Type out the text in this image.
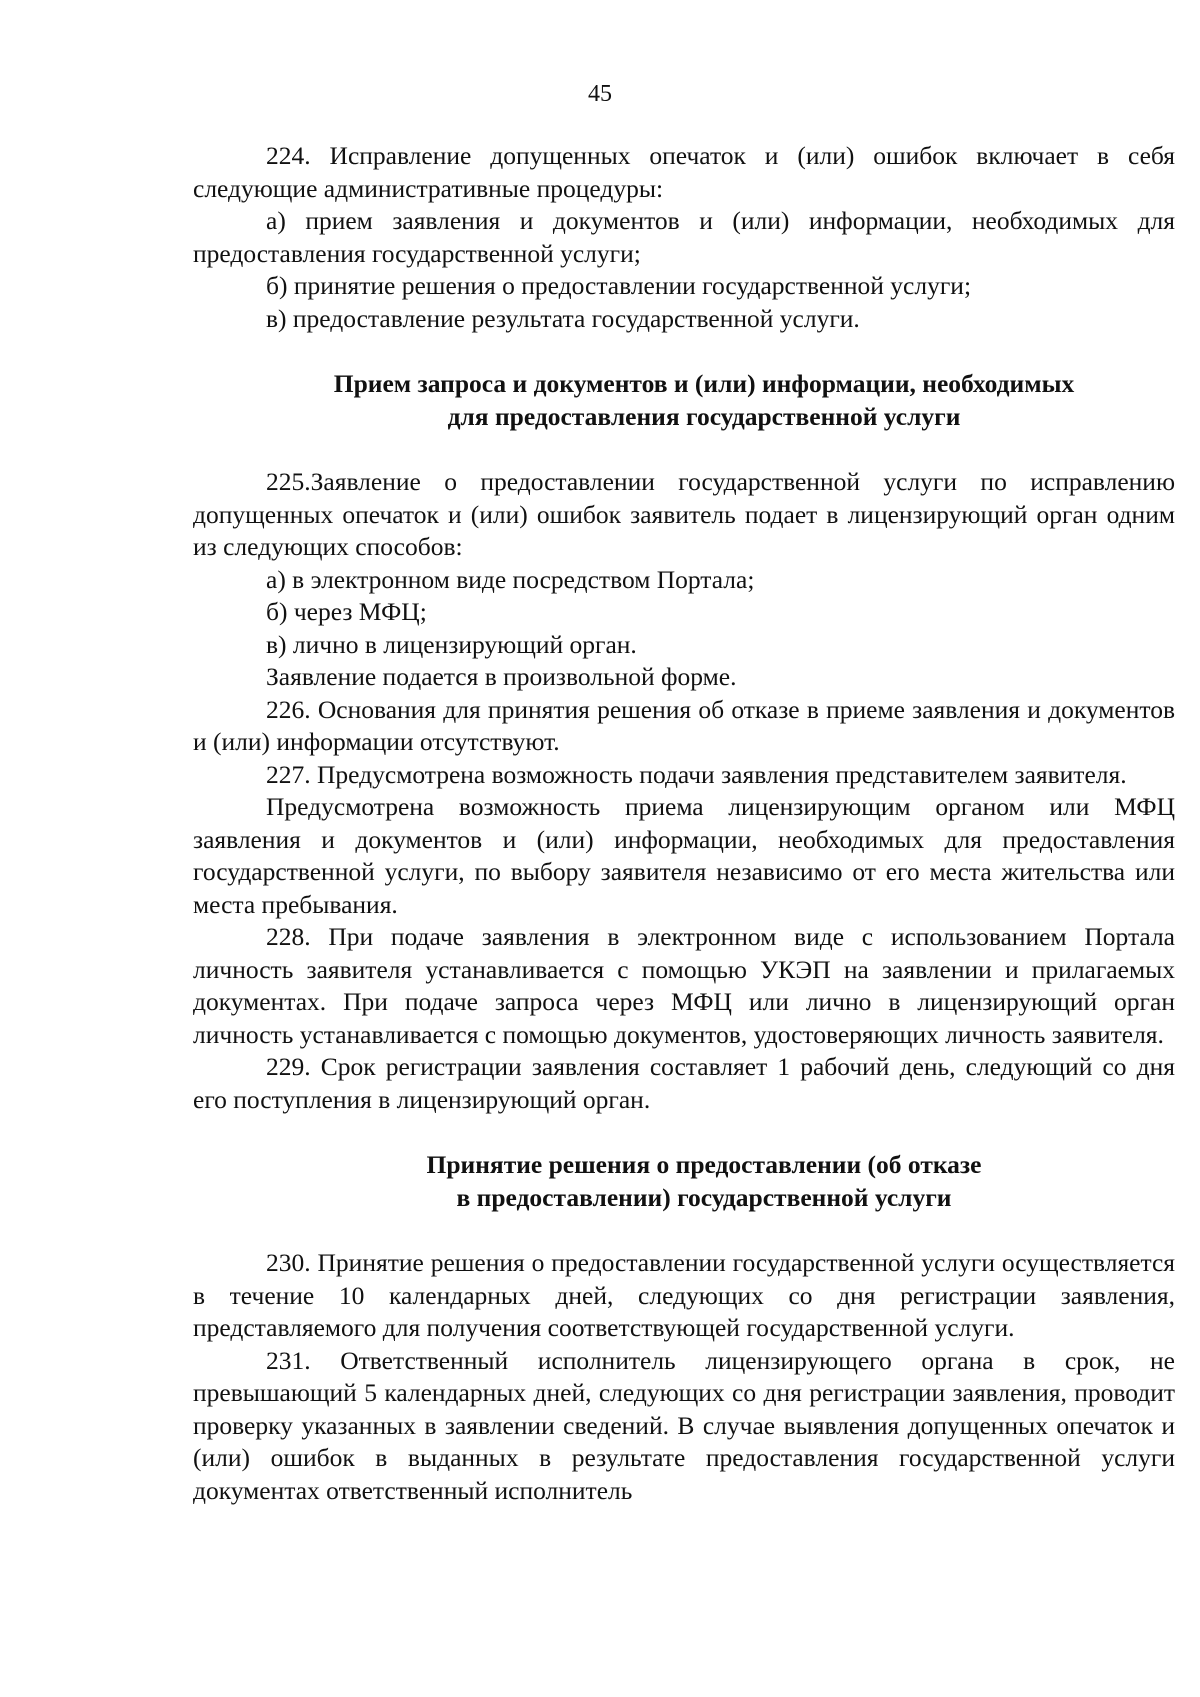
45

224. Исправление допущенных опечаток и (или) ошибок включает в себя следующие административные процедуры:

а) прием заявления и документов и (или) информации, необходимых для предоставления государственной услуги;

б) принятие решения о предоставлении государственной услуги;

в) предоставление результата государственной услуги.

Прием запроса и документов и (или) информации, необходимых
для предоставления государственной услуги

225.Заявление о предоставлении государственной услуги по исправлению допущенных опечаток и (или) ошибок заявитель подает в лицензирующий орган одним из следующих способов:

а) в электронном виде посредством Портала;

б) через МФЦ;

в) лично в лицензирующий орган.

Заявление подается в произвольной форме.

226. Основания для принятия решения об отказе в приеме заявления и документов и (или) информации отсутствуют.

227. Предусмотрена возможность подачи заявления представителем заявителя.

Предусмотрена возможность приема лицензирующим органом или МФЦ заявления и документов и (или) информации, необходимых для предоставления государственной услуги, по выбору заявителя независимо от его места жительства или места пребывания.

228. При подаче заявления в электронном виде с использованием Портала личность заявителя устанавливается с помощью УКЭП на заявлении и прилагаемых документах. При подаче запроса через МФЦ или лично в лицензирующий орган личность устанавливается с помощью документов, удостоверяющих личность заявителя.

229. Срок регистрации заявления составляет 1 рабочий день, следующий со дня его поступления в лицензирующий орган.

Принятие решения о предоставлении (об отказе
в предоставлении) государственной услуги

230. Принятие решения о предоставлении государственной услуги осуществляется в течение 10 календарных дней, следующих со дня регистрации заявления, представляемого для получения соответствующей государственной услуги.

231. Ответственный исполнитель лицензирующего органа в срок, не превышающий 5 календарных дней, следующих со дня регистрации заявления, проводит проверку указанных в заявлении сведений. В случае выявления допущенных опечаток и (или) ошибок в выданных в результате предоставления государственной услуги документах ответственный исполнитель
